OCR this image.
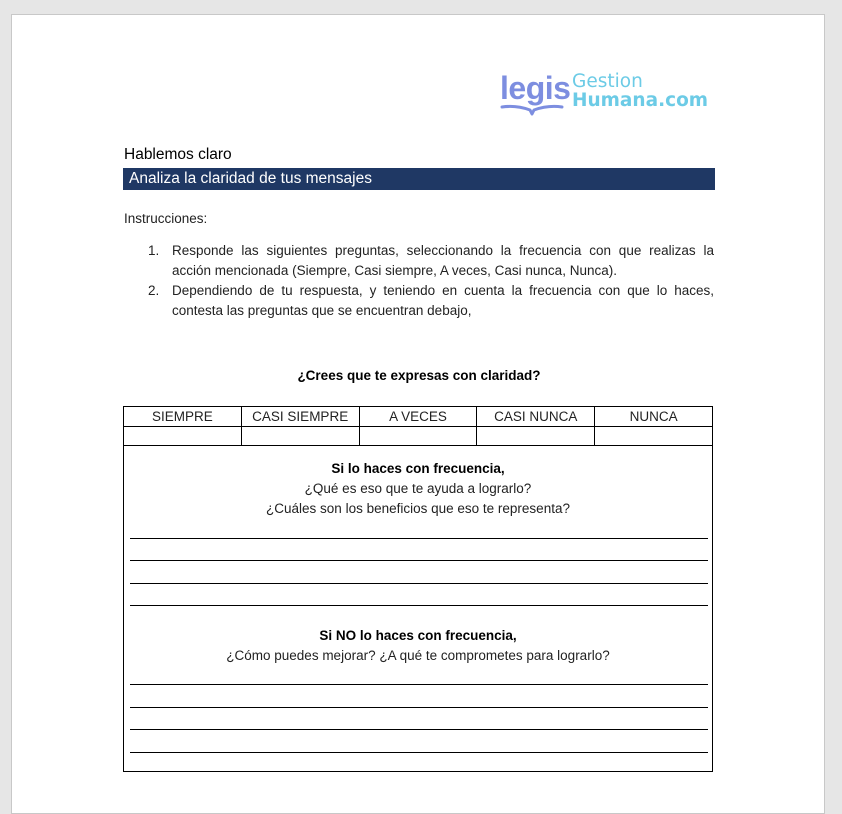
legis Gestion
Humana.com
Hablemos claro
Analiza la claridad de tus mensajes
Instrucciones:
1. Responde las siguientes preguntas, seleccionando la frecuencia con que realizas la acción mencionada (Siempre, Casi siempre, A veces, Casi nunca, Nunca).
2. Dependiendo de tu respuesta, y teniendo en cuenta la frecuencia con que lo haces, contesta las preguntas que se encuentran debajo,
¿Crees que te expresas con claridad?
SIEMPRE	CASI SIEMPRE	A VECES	CASI NUNCA	NUNCA

Si lo haces con frecuencia,
¿Qué es eso que te ayuda a lograrlo?
¿Cuáles son los beneficios que eso te representa?
Si NO lo haces con frecuencia,
¿Cómo puedes mejorar? ¿A qué te comprometes para lograrlo?
